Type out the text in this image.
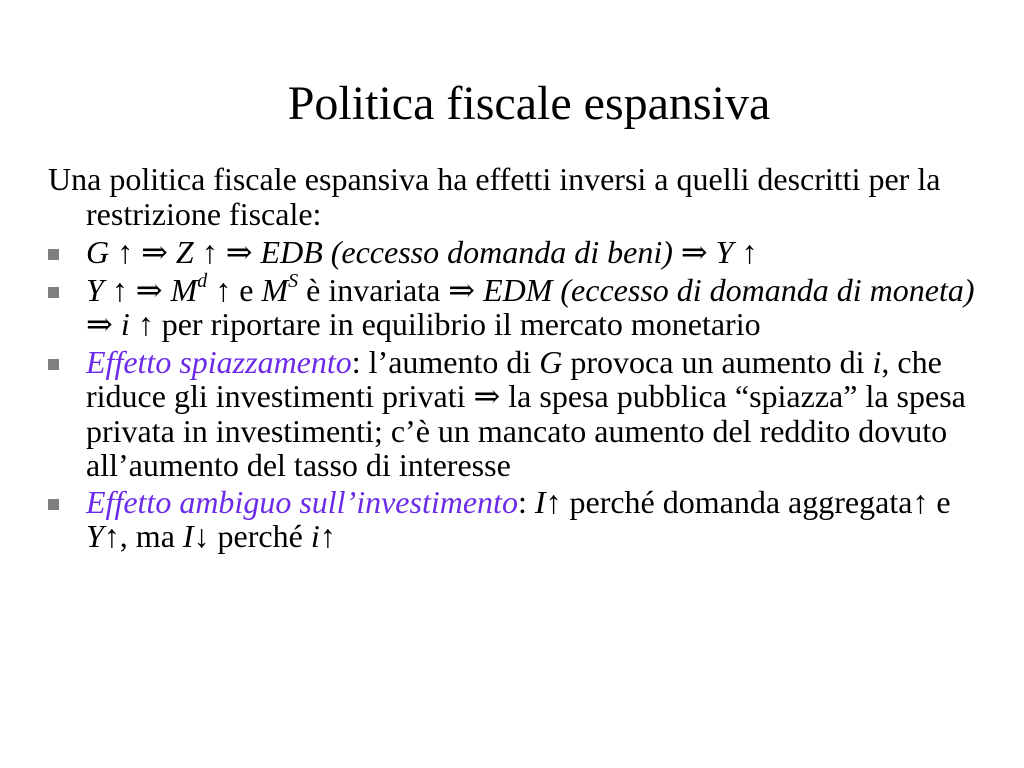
Politica fiscale espansiva

Una politica fiscale espansiva ha effetti inversi a quelli descritti per la restrizione fiscale:

G ↑ ⇒ Z ↑ ⇒ EDB (eccesso domanda di beni) ⇒ Y ↑
Y ↑ ⇒ $M^d$ ↑ e $M^S$ è invariata ⇒ EDM (eccesso di domanda di moneta) ⇒ i ↑ per riportare in equilibrio il mercato monetario
Effetto spiazzamento: l’aumento di G provoca un aumento di i, che riduce gli investimenti privati ⇒ la spesa pubblica “spiazza” la spesa privata in investimenti; c’è un mancato aumento del reddito dovuto all’aumento del tasso di interesse
Effetto ambiguo sull’investimento: I↑ perché domanda aggregata↑ e Y↑, ma I↓ perché i↑
